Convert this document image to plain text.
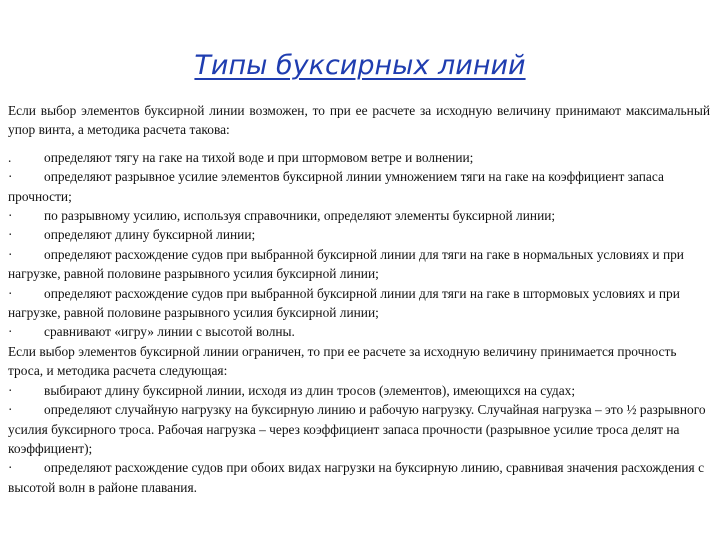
Типы буксирных линий

Если выбор элементов буксирной линии возможен, то при ее расчете за исходную величину принимают максимальный упор винта, а методика расчета такова:

. определяют тягу на гаке на тихой воде и при штормовом ветре и волнении;

· определяют разрывное усилие элементов буксирной линии умножением тяги на гаке на коэффициент запаса прочности;

· по разрывному усилию, используя справочники, определяют элементы буксирной линии;

· определяют длину буксирной линии;

· определяют расхождение судов при выбранной буксирной линии для тяги на гаке в нормальных условиях и при нагрузке, равной половине разрывного усилия буксирной линии;

· определяют расхождение судов при выбранной буксирной линии для тяги на гаке в штормовых условиях и при нагрузке, равной половине разрывного усилия буксирной линии;

· сравнивают «игру» линии с высотой волны.

Если выбор элементов буксирной линии ограничен, то при ее расчете за исходную величину принимается прочность троса, и методика расчета следующая:

· выбирают длину буксирной линии, исходя из длин тросов (элементов), имеющихся на судах;

· определяют случайную нагрузку на буксирную линию и рабочую нагрузку. Случайная нагрузка – это ½ разрывного усилия буксирного троса. Рабочая нагрузка – через коэффициент запаса прочности (разрывное усилие троса делят на коэффициент);

· определяют расхождение судов при обоих видах нагрузки на буксирную линию, сравнивая значения расхождения с высотой волн в районе плавания.
